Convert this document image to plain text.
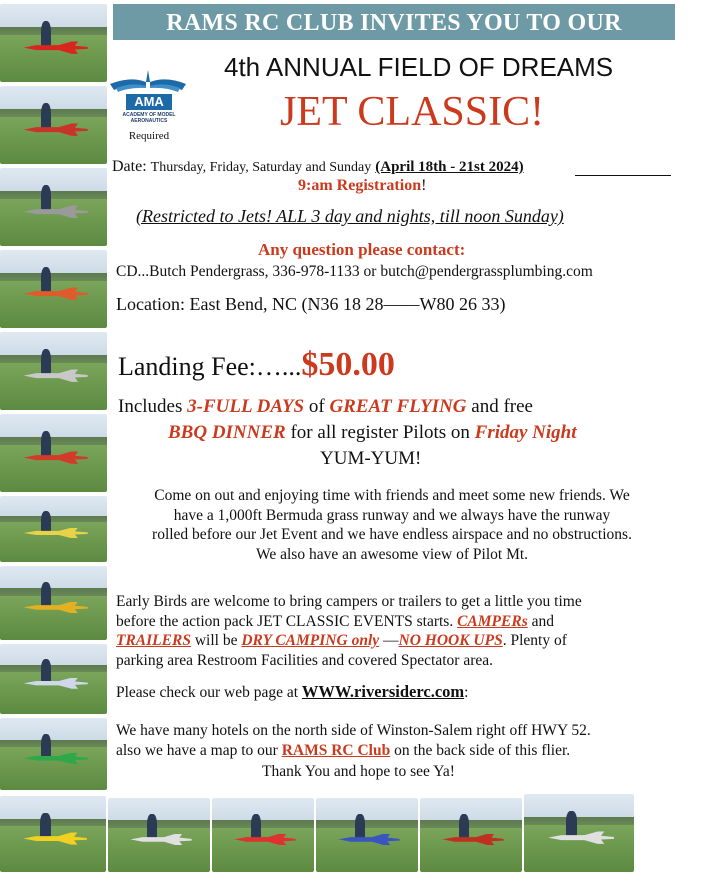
RAMS RC CLUB INVITES YOU TO OUR
AMA
ACADEMY OF MODEL AERONAUTICS
Required
4th ANNUAL FIELD OF DREAMS
JET CLASSIC!
Date: Thursday, Friday, Saturday and Sunday (April 18th - 21st 2024)
9:am Registration!
(Restricted to Jets! ALL 3 day and nights, till noon Sunday)
Any question please contact:
CD...Butch Pendergrass, 336-978-1133 or butch@pendergrassplumbing.com
Location: East Bend, NC (N36 18 28——W80 26 33)
Landing Fee:…...$50.00
Includes 3-FULL DAYS of GREAT FLYING and free
BBQ DINNER for all register Pilots on Friday Night
YUM-YUM!
Come on out and enjoying time with friends and meet some new friends. We
have a 1,000ft Bermuda grass runway and we always have the runway
rolled before our Jet Event and we have endless airspace and no obstructions.
We also have an awesome view of Pilot Mt.
Early Birds are welcome to bring campers or trailers to get a little you time
before the action pack JET CLASSIC EVENTS starts. CAMPERs and
TRAILERS will be DRY CAMPING only —NO HOOK UPS. Plenty of
parking area Restroom Facilities and covered Spectator area.
Please check our web page at WWW.riversiderc.com:
We have many hotels on the north side of Winston-Salem right off HWY 52.
also we have a map to our RAMS RC Club on the back side of this flier.
Thank You and hope to see Ya!
